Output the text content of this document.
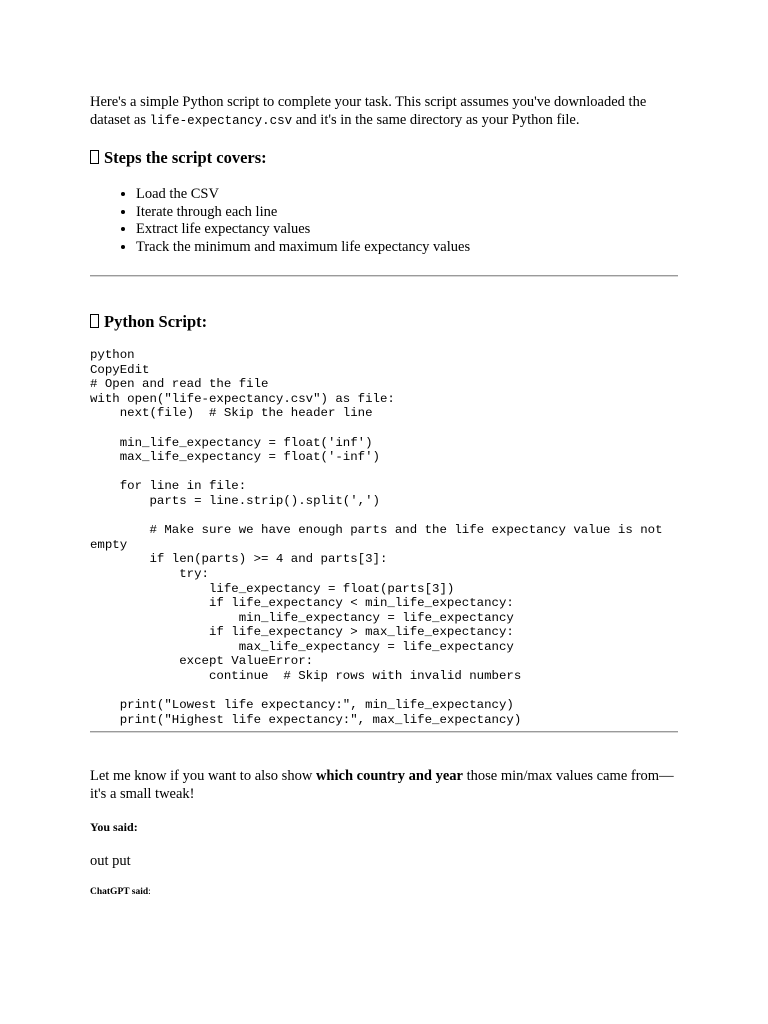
Here's a simple Python script to complete your task. This script assumes you've downloaded the dataset as life-expectancy.csv and it's in the same directory as your Python file.

Steps the script covers:
• Load the CSV
• Iterate through each line
• Extract life expectancy values
• Track the minimum and maximum life expectancy values
Python Script:
python
CopyEdit
# Open and read the file
with open("life-expectancy.csv") as file:
next(file)  # Skip the header line

min_life_expectancy = float('inf')
max_life_expectancy = float('-inf')

for line in file:
parts = line.strip().split(',')

# Make sure we have enough parts and the life expectancy value is not
empty
if len(parts) >= 4 and parts[3]:
try:
life_expectancy = float(parts[3])
if life_expectancy < min_life_expectancy:
min_life_expectancy = life_expectancy
if life_expectancy > max_life_expectancy:
max_life_expectancy = life_expectancy
except ValueError:
continue  # Skip rows with invalid numbers

print("Lowest life expectancy:", min_life_expectancy)
print("Highest life expectancy:", max_life_expectancy)

Let me know if you want to also show which country and year those min/max values came from—it's a small tweak!

You said:

out put

ChatGPT said:
